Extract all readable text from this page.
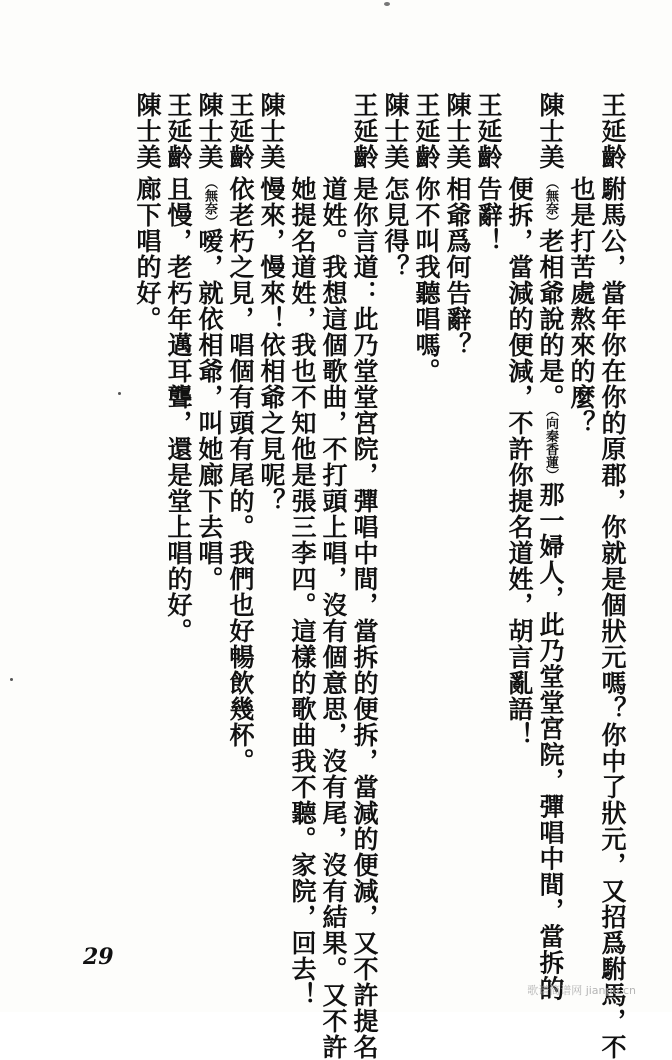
王延齡駙馬公，當年你在你的原郡，你就是個狀元嗎？你中了狀元，又招爲駙馬，不
也是打苦處熬來的麼？
陳士美（無奈）老相爺說的是。（向秦香蓮）那一婦人，此乃堂堂宮院，彈唱中間，當拆的
便拆，當減的便減，不許你提名道姓，胡言亂語！
王延齡告辭！
陳士美相爺爲何告辭？
王延齡你不叫我聽唱嗎。
陳士美怎見得？
王延齡是你言道：此乃堂堂宮院，彈唱中間，當拆的便拆，當減的便減，又不許提名
道姓。我想這個歌曲，不打頭上唱，沒有個意思，沒有尾，沒有結果。又不許
她提名道姓，我也不知他是張三李四。這樣的歌曲我不聽。家院，回去！
陳士美慢來，慢來！依相爺之見呢？
王延齡依老朽之見，唱個有頭有尾的。我們也好暢飲幾杯。
陳士美（無奈）嗳，就依相爺，叫她廊下去唱。
王延齡且慢，老朽年邁耳聾，還是堂上唱的好。
陳士美廊下唱的好。
29
歌谱简谱网 jianpu.cn
